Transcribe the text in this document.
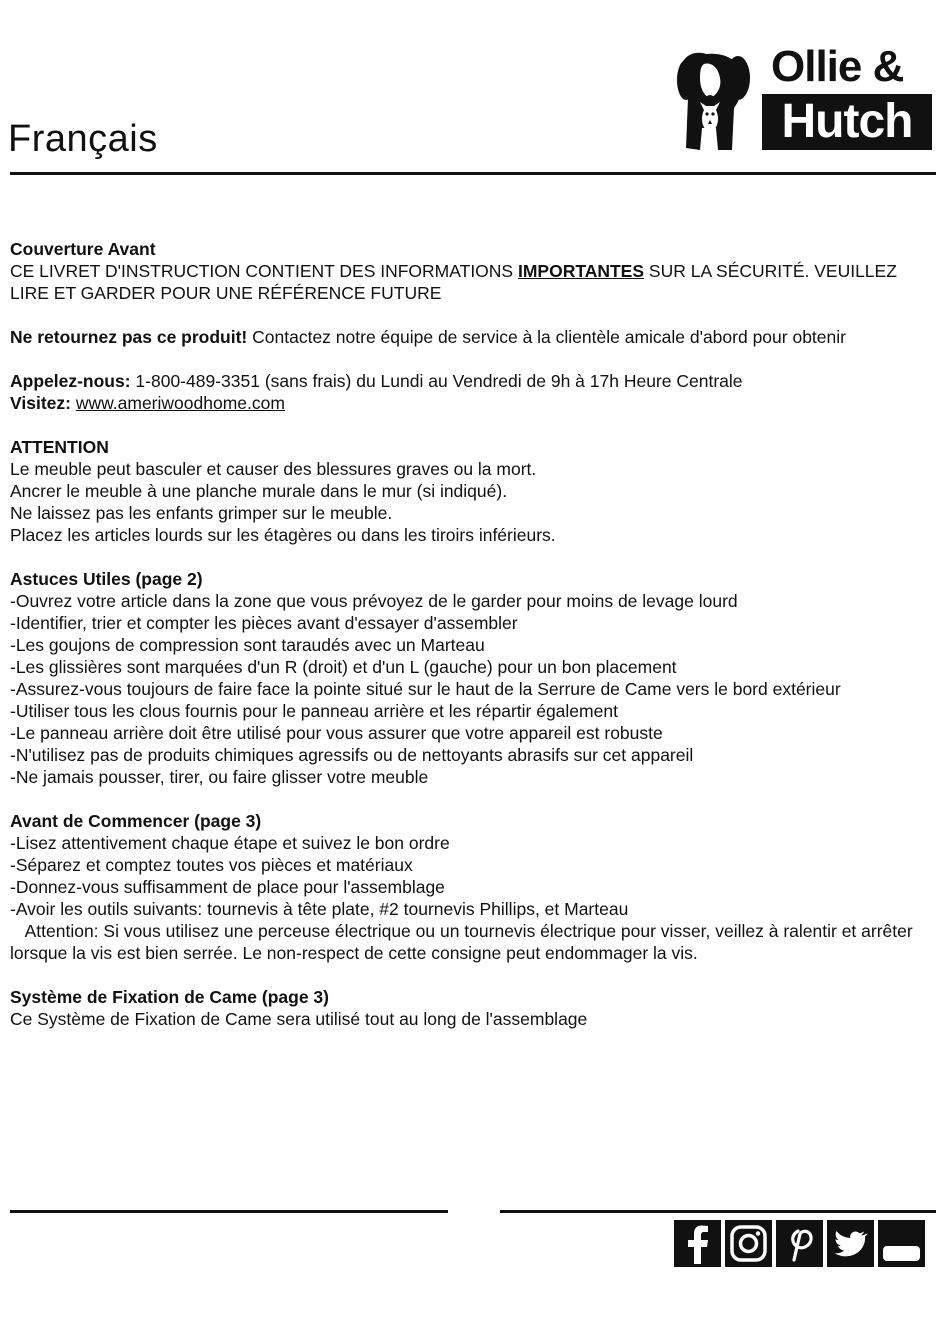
Français
Ollie &
Hutch

Couverture Avant

CE LIVRET D'INSTRUCTION CONTIENT DES INFORMATIONS IMPORTANTES SUR LA SÉCURITÉ. VEUILLEZ LIRE ET GARDER POUR UNE RÉFÉRENCE FUTURE

Ne retournez pas ce produit! Contactez notre équipe de service à la clientèle amicale d'abord pour obtenir

Appelez-nous: 1-800-489-3351 (sans frais) du Lundi au Vendredi de 9h à 17h Heure Centrale

Visitez: www.ameriwoodhome.com

ATTENTION

Le meuble peut basculer et causer des blessures graves ou la mort.

Ancrer le meuble à une planche murale dans le mur (si indiqué).

Ne laissez pas les enfants grimper sur le meuble.

Placez les articles lourds sur les étagères ou dans les tiroirs inférieurs.

Astuces Utiles (page 2)

-Ouvrez votre article dans la zone que vous prévoyez de le garder pour moins de levage lourd

-Identifier, trier et compter les pièces avant d'essayer d'assembler

-Les goujons de compression sont taraudés avec un Marteau

-Les glissières sont marquées d'un R (droit) et d'un L (gauche) pour un bon placement

-Assurez-vous toujours de faire face la pointe situé sur le haut de la Serrure de Came vers le bord extérieur

-Utiliser tous les clous fournis pour le panneau arrière et les répartir également

-Le panneau arrière doit être utilisé pour vous assurer que votre appareil est robuste

-N'utilisez pas de produits chimiques agressifs ou de nettoyants abrasifs sur cet appareil

-Ne jamais pousser, tirer, ou faire glisser votre meuble

Avant de Commencer (page 3)

-Lisez attentivement chaque étape et suivez le bon ordre

-Séparez et comptez toutes vos pièces et matériaux

-Donnez-vous suffisamment de place pour l'assemblage

-Avoir les outils suivants: tournevis à tête plate, #2 tournevis Phillips, et Marteau

Attention: Si vous utilisez une perceuse électrique ou un tournevis électrique pour visser, veillez à ralentir et arrêter lorsque la vis est bien serrée. Le non-respect de cette consigne peut endommager la vis.

Système de Fixation de Came (page 3)

Ce Système de Fixation de Came sera utilisé tout au long de l'assemblage
